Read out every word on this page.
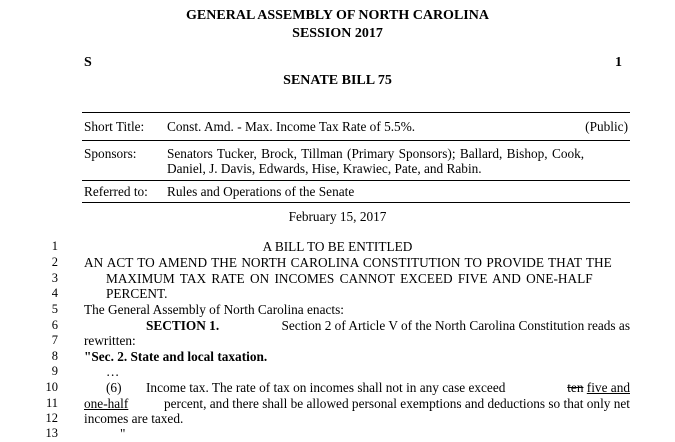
GENERAL ASSEMBLY OF NORTH CAROLINA
SESSION 2017
S	1
SENATE BILL 75
Short Title: Const. Amd. - Max. Income Tax Rate of 5.5%.	(Public)
Sponsors: Senators Tucker, Brock, Tillman (Primary Sponsors); Ballard, Bishop, Cook,
Daniel, J. Davis, Edwards, Hise, Krawiec, Pate, and Rabin.
Referred to: Rules and Operations of the Senate
February 15, 2017
1
2
3
4
5
6
7
8
9
10
11
12
13
A BILL TO BE ENTITLED
AN ACT TO AMEND THE NORTH CAROLINA CONSTITUTION TO PROVIDE THAT THE
MAXIMUM TAX RATE ON INCOMES CANNOT EXCEED FIVE AND ONE-HALF
PERCENT.
The General Assembly of North Carolina enacts:
SECTION 1.	Section 2 of Article V of the North Carolina Constitution reads as
rewritten:
"Sec. 2. State and local taxation.
…
(6) Income tax. The rate of tax on incomes shall not in any case exceed	ten five and
one-half	percent, and there shall be allowed personal exemptions and deductions so that only net
incomes are taxed.
"
